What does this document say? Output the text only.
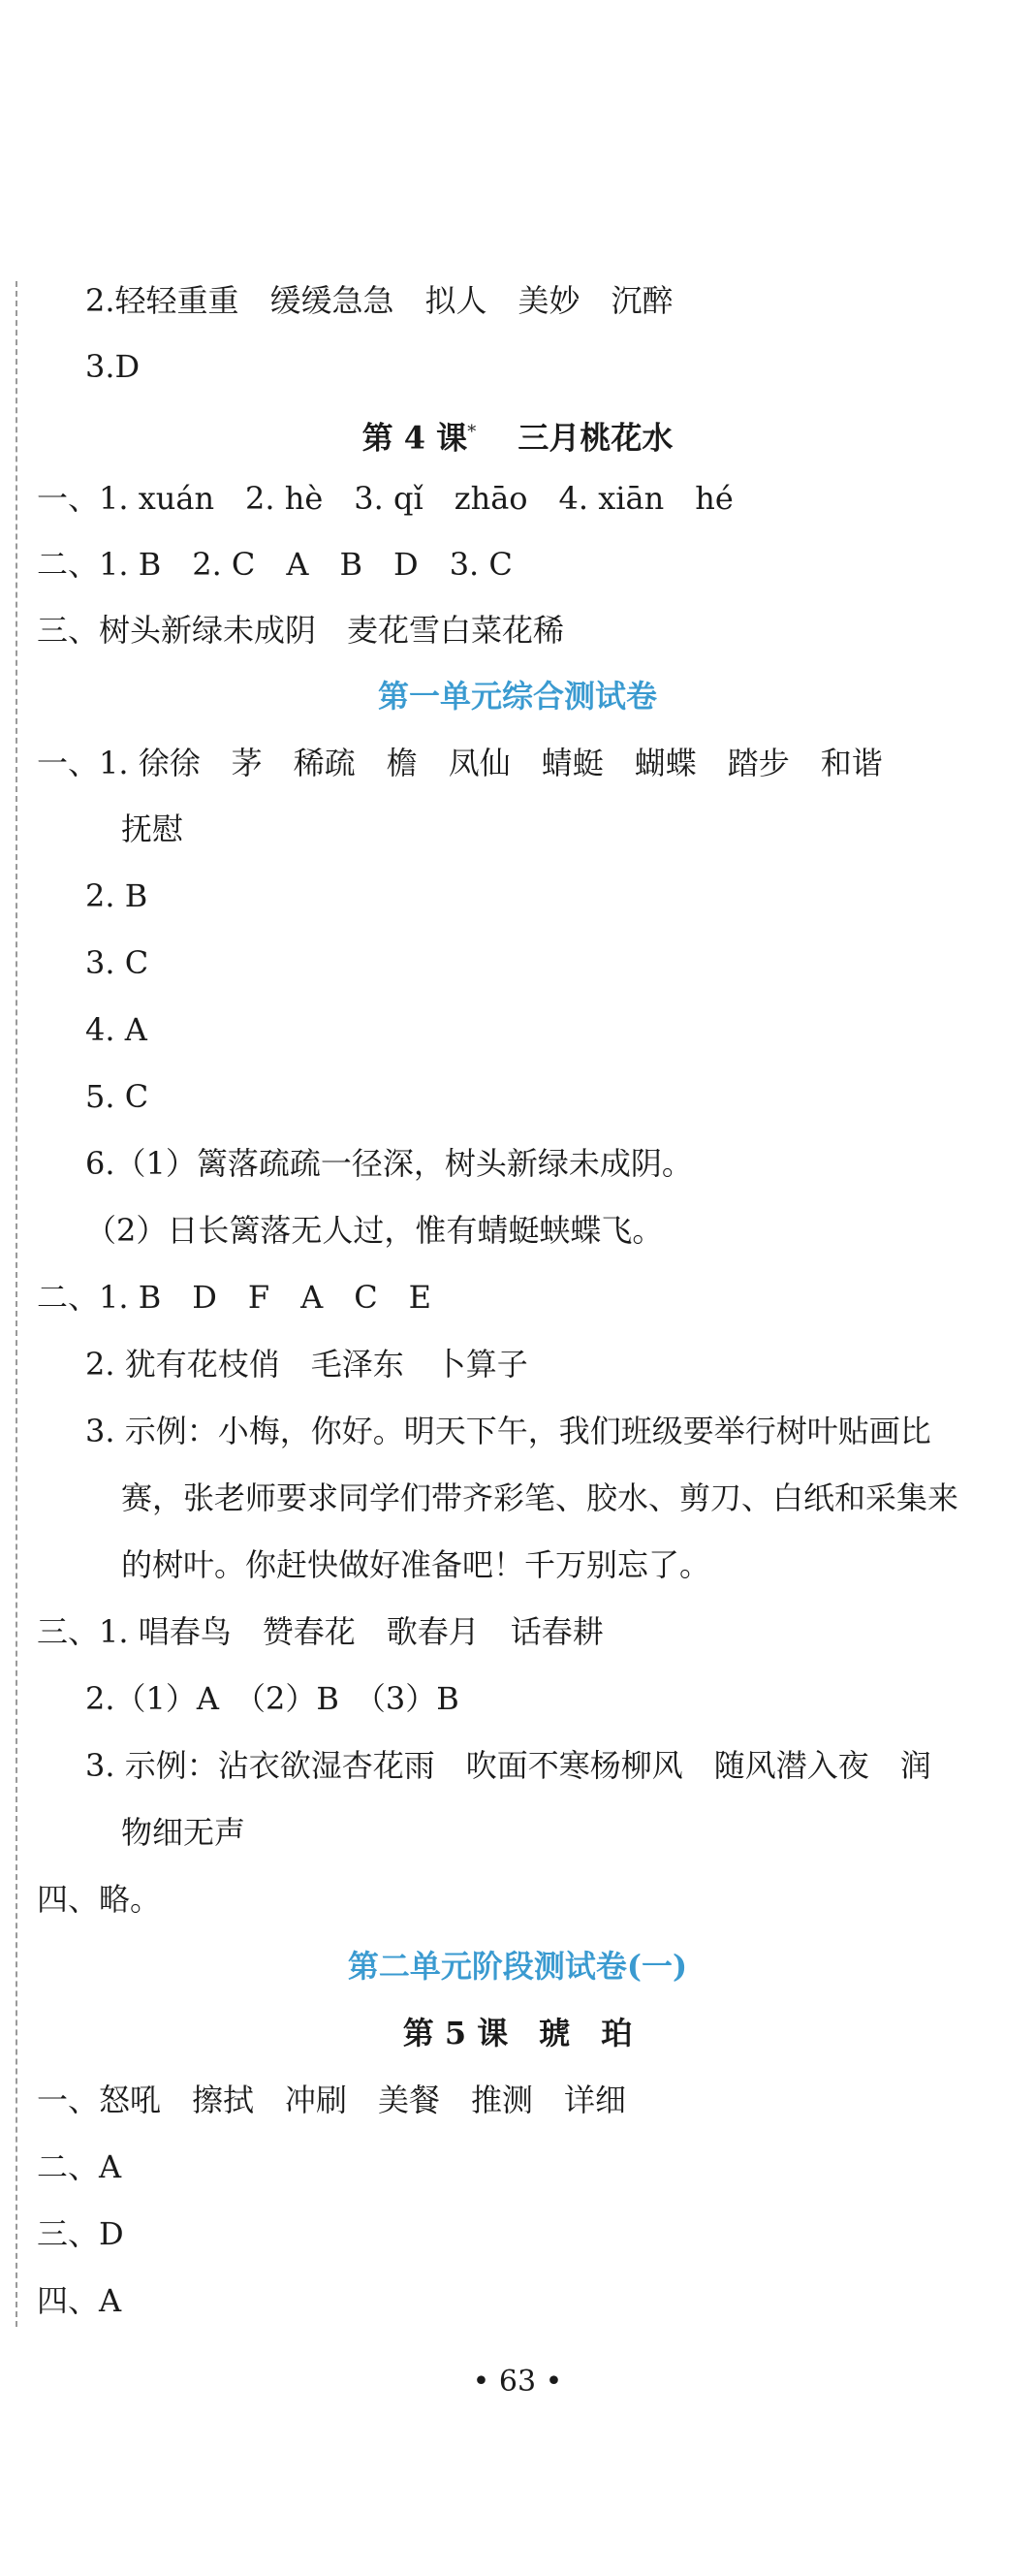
2.轻轻重重　缓缓急急　拟人　美妙　沉醉
3.D
第 4 课*　 三月桃花水
一、1. xuán　2. hè　3. qǐ　zhāo　4. xiān　hé
二、1. B　2. C　A　B　D　3. C
三、树头新绿未成阴　麦花雪白菜花稀
第一单元综合测试卷
一、1. 徐徐　茅　稀疏　檐　凤仙　蜻蜓　蝴蝶　踏步　和谐
抚慰
2. B
3. C
4. A
5. C
6.（1）篱落疏疏一径深，树头新绿未成阴。
（2）日长篱落无人过，惟有蜻蜓蛱蝶飞。
二、1. B　D　F　A　C　E
2. 犹有花枝俏　毛泽东　卜算子
3. 示例：小梅，你好。明天下午，我们班级要举行树叶贴画比
赛，张老师要求同学们带齐彩笔、胶水、剪刀、白纸和采集来
的树叶。你赶快做好准备吧！千万别忘了。
三、1. 唱春鸟　赞春花　歌春月　话春耕
2.（1）A　（2）B　（3）B
3. 示例：沾衣欲湿杏花雨　吹面不寒杨柳风　随风潜入夜　润
物细无声
四、略。
第二单元阶段测试卷(一)
第 5 课　琥　珀
一、怒吼　擦拭　冲刷　美餐　推测　详细
二、A
三、D
四、A
• 63 •
